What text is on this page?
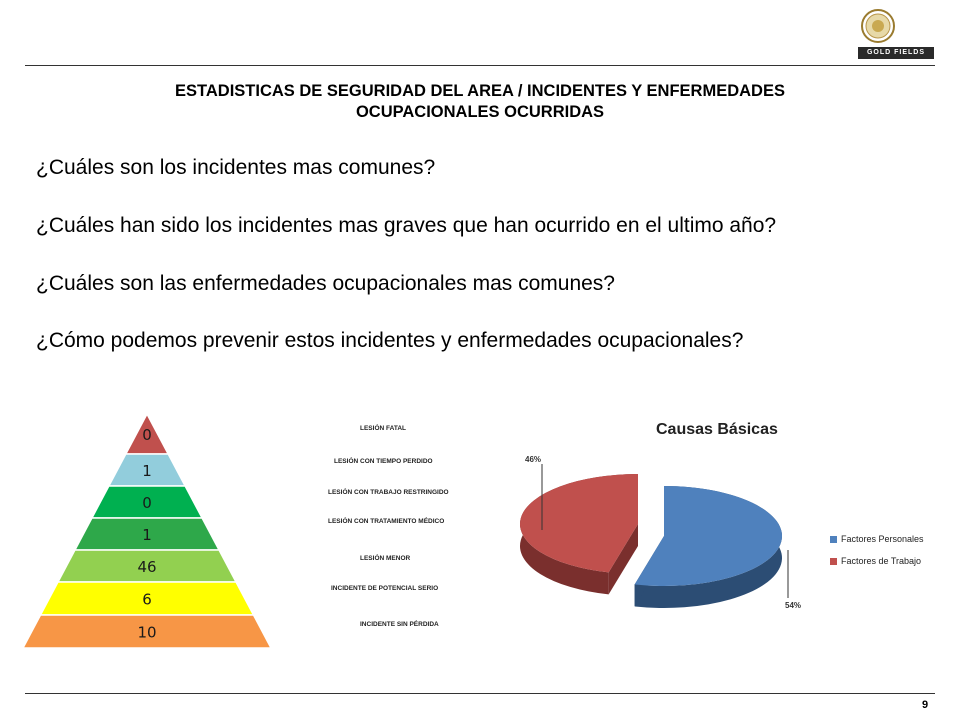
GOLD FIELDS
ESTADISTICAS DE SEGURIDAD DEL AREA / INCIDENTES Y ENFERMEDADES
OCUPACIONALES OCURRIDAS
¿Cuáles son los incidentes mas comunes?
¿Cuáles han sido los incidentes mas graves que han ocurrido en el ultimo año?
¿Cuáles son las enfermedades ocupacionales mas comunes?
¿Cómo podemos prevenir estos incidentes y enfermedades ocupacionales?
0
1
0
1
46
6
10
LESIÓN FATAL
LESIÓN CON TIEMPO PERDIDO
LESIÓN CON TRABAJO RESTRINGIDO
LESIÓN CON TRATAMIENTO MÉDICO
LESIÓN MENOR
INCIDENTE DE POTENCIAL SERIO
INCIDENTE SIN PÉRDIDA
Causas Básicas
46%
54%
Factores Personales
Factores de Trabajo
9
